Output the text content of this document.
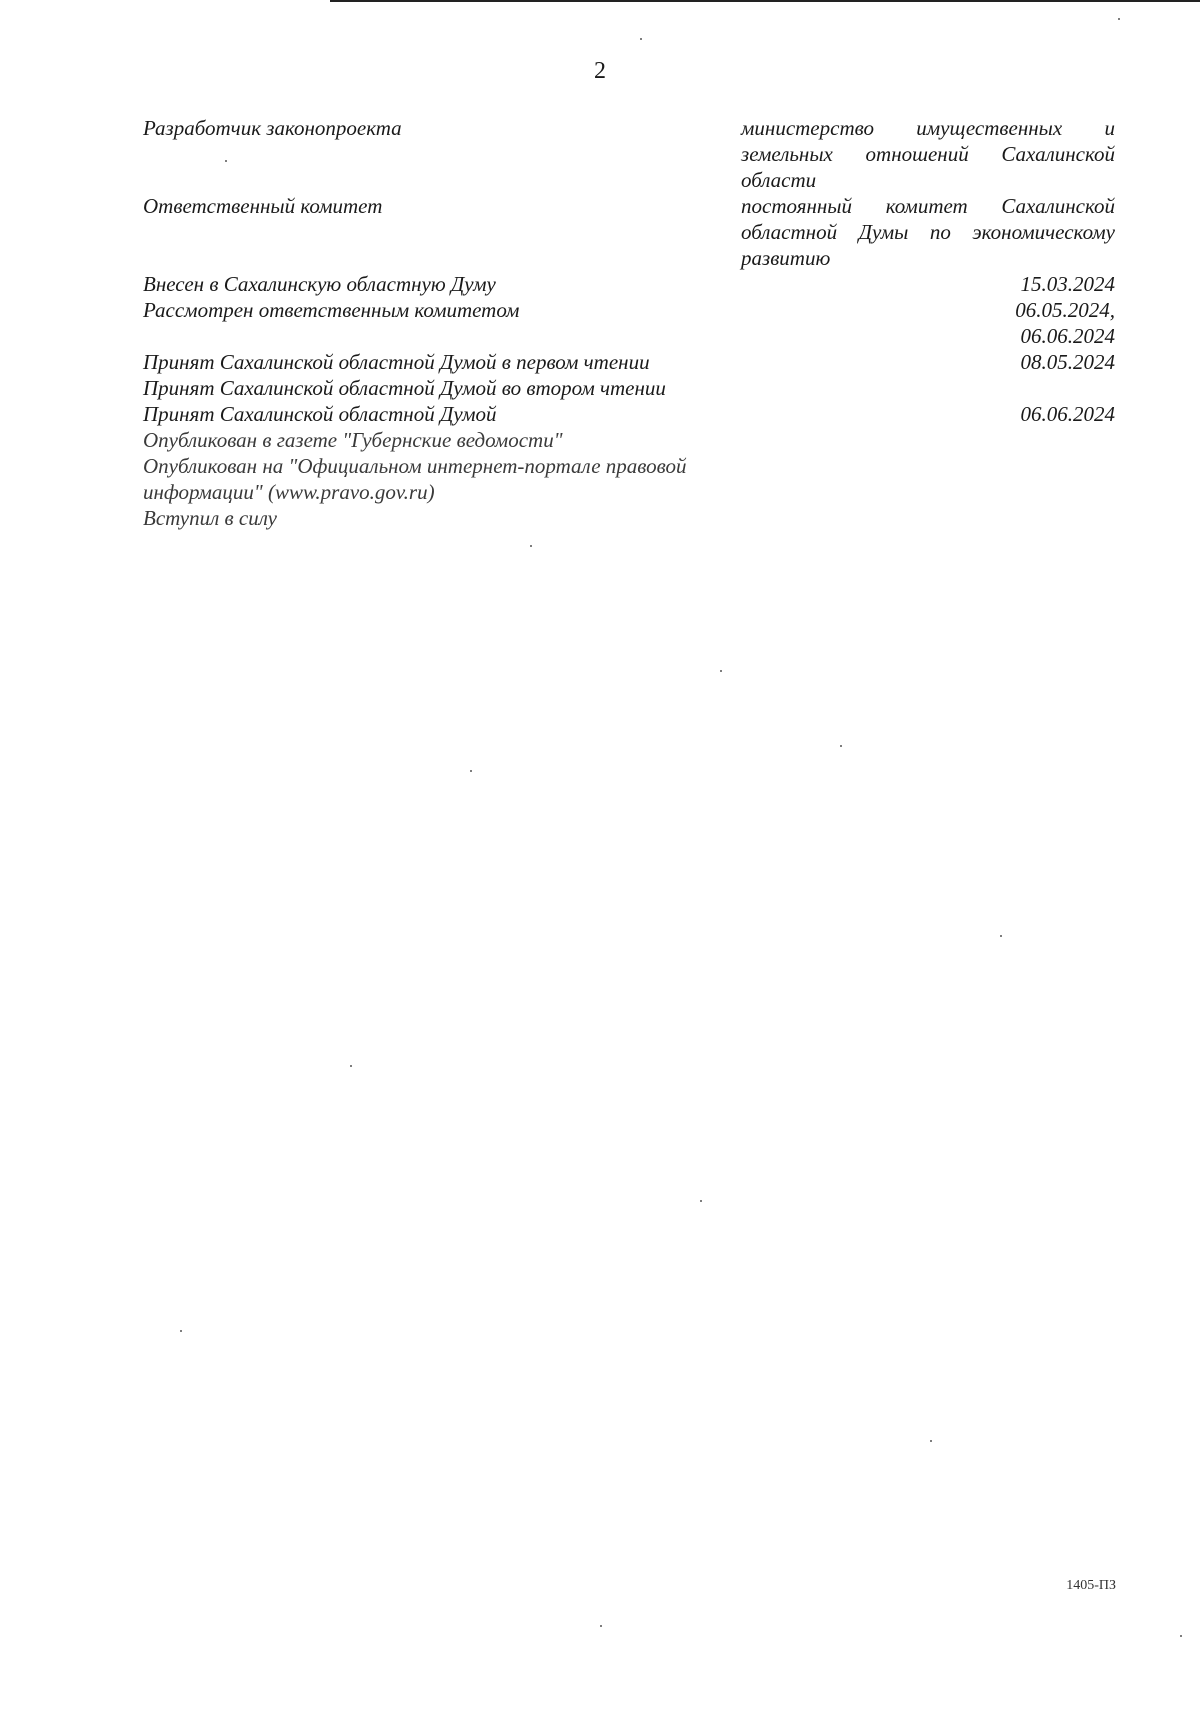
2
Разработчик законопроекта	министерство имущественных и
земельных отношений Сахалинской
области
Ответственный комитет	постоянный комитет Сахалинской
областной Думы по экономическому
развитию
Внесен в Сахалинскую областную Думу	15.03.2024
Рассмотрен ответственным комитетом	06.05.2024,
06.06.2024
Принят Сахалинской областной Думой в первом чтении	08.05.2024
Принят Сахалинской областной Думой во втором чтении
Принят Сахалинской областной Думой	06.06.2024
Опубликован в газете "Губернские ведомости"
Опубликован на "Официальном интернет-портале правовой
информации" (www.pravo.gov.ru)
Вступил в силу
1405-ПЗ
